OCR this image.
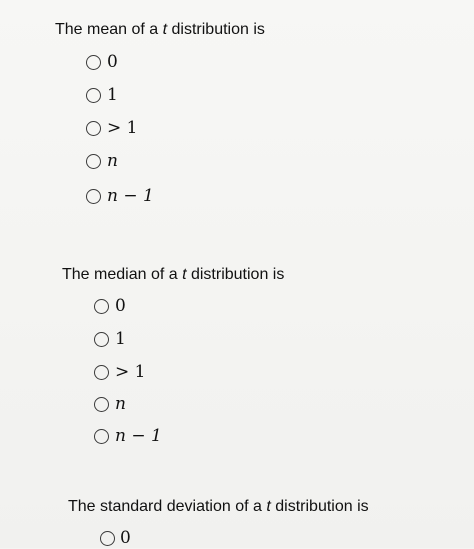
The mean of a t distribution is
0
1
> 1
n
n − 1
The median of a t distribution is
0
1
> 1
n
n − 1
The standard deviation of a t distribution is
0
